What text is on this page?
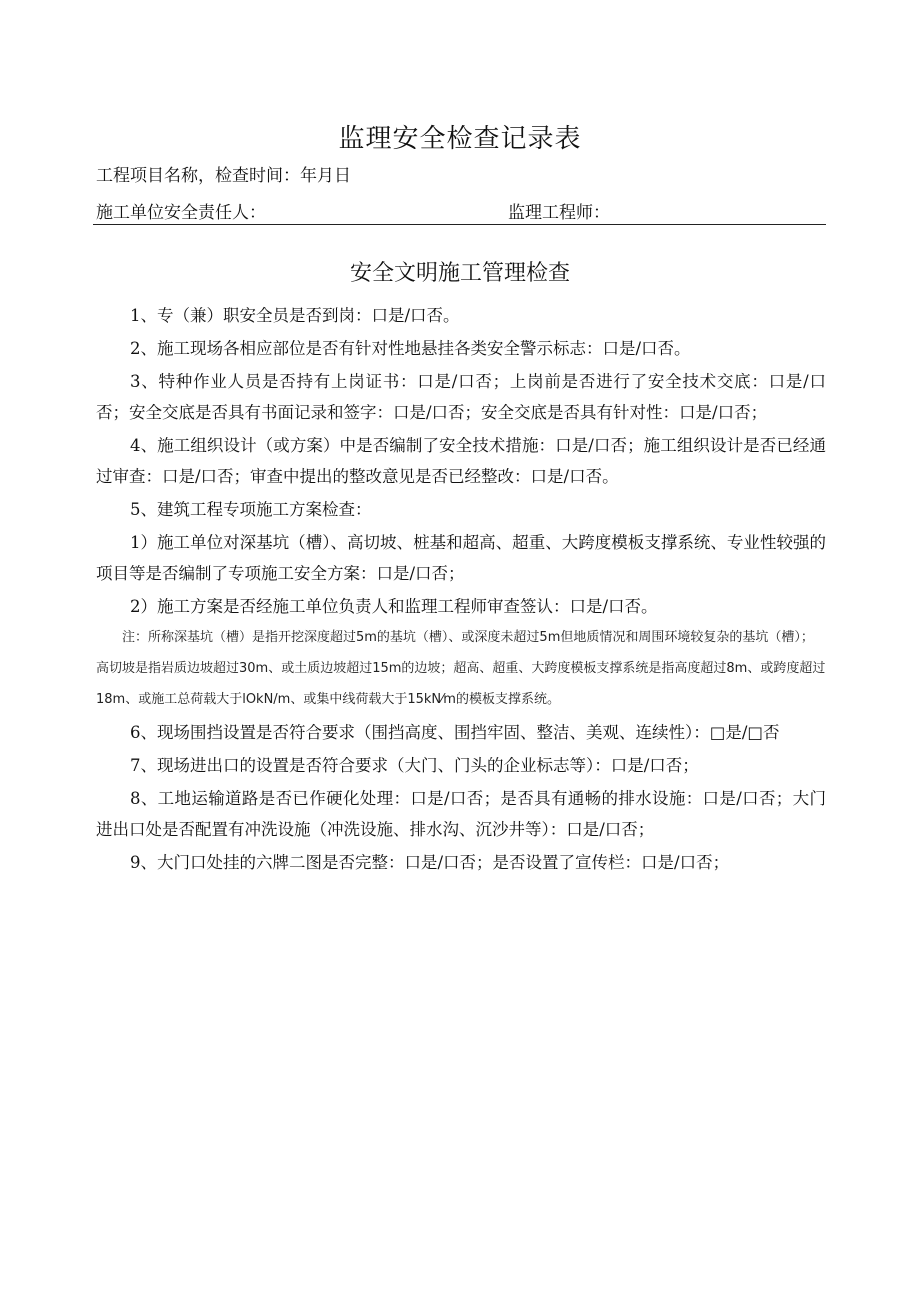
监理安全检查记录表
工程项目名称，检查时间：年月日
施工单位安全责任人：	监理工程师：
安全文明施工管理检查

1、专（兼）职安全员是否到岗：口是/口否。

2、施工现场各相应部位是否有针对性地悬挂各类安全警示标志：口是/口否。

3、特种作业人员是否持有上岗证书：口是/口否；上岗前是否进行了安全技术交底：口是/口否；安全交底是否具有书面记录和签字：口是/口否；安全交底是否具有针对性：口是/口否；

4、施工组织设计（或方案）中是否编制了安全技术措施：口是/口否；施工组织设计是否已经通过审查：口是/口否；审查中提出的整改意见是否已经整改：口是/口否。

5、建筑工程专项施工方案检查：

1）施工单位对深基坑（槽）、高切坡、桩基和超高、超重、大跨度模板支撑系统、专业性较强的项目等是否编制了专项施工安全方案：口是/口否；

2）施工方案是否经施工单位负责人和监理工程师审查签认：口是/口否。

注：所称深基坑（槽）是指开挖深度超过5m的基坑（槽）、或深度未超过5m但地质情况和周围环境较复杂的基坑（槽）；高切坡是指岩质边坡超过30m、或土质边坡超过15m的边坡；超高、超重、大跨度模板支撑系统是指高度超过8m、或跨度超过18m、或施工总荷载大于lOkN/m、或集中线荷载大于15kN⁄m的模板支撑系统。

6、现场围挡设置是否符合要求（围挡高度、围挡牢固、整洁、美观、连续性）：□是/□否

7、现场进出口的设置是否符合要求（大门、门头的企业标志等）：口是/口否；

8、工地运输道路是否已作硬化处理：口是/口否；是否具有通畅的排水设施：口是/口否；大门进出口处是否配置有冲洗设施（冲洗设施、排水沟、沉沙井等）：口是/口否；

9、大门口处挂的六牌二图是否完整：口是/口否；是否设置了宣传栏：口是/口否；
